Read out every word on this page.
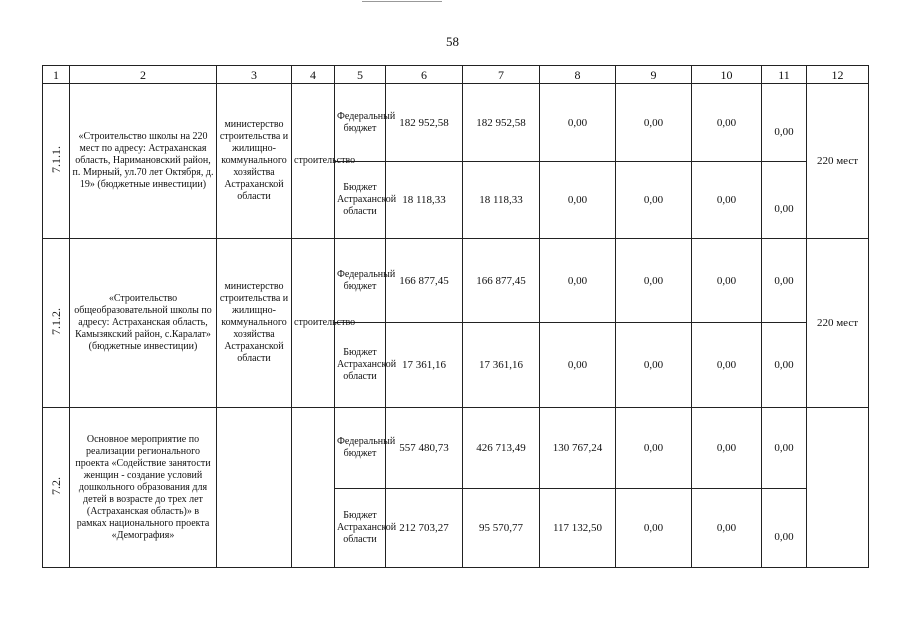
58
1	2	3	4	5	6	7	8	9	10	11	12
7.1.1.	«Строительство школы на 220 мест по адресу: Астраханская область, Наримановский район, п. Мирный, ул.70 лет Октября, д. 19» (бюджетные инвестиции)	министерство строительства и жилищно-коммунального хозяйства Астраханской области	строительство	Федеральный бюджет	182 952,58	182 952,58	0,00	0,00	0,00	0,00	220 мест
				Бюджет Астраханской области	18 118,33	18 118,33	0,00	0,00	0,00	0,00	
7.1.2.	«Строительство общеобразовательной школы по адресу: Астраханская область, Камызякский район, с.Каралат» (бюджетные инвестиции)	министерство строительства и жилищно-коммунального хозяйства Астраханской области	строительство	Федеральный бюджет	166 877,45	166 877,45	0,00	0,00	0,00	0,00	220 мест
				Бюджет Астраханской области	17 361,16	17 361,16	0,00	0,00	0,00	0,00	
7.2.	Основное мероприятие по реализации регионального проекта «Содействие занятости женщин - создание условий дошкольного образования для детей в возрасте до трех лет (Астраханская область)» в рамках национального проекта «Демография»			Федеральный бюджет	557 480,73	426 713,49	130 767,24	0,00	0,00	0,00	
				Бюджет Астраханской области	212 703,27	95 570,77	117 132,50	0,00	0,00	0,00	
